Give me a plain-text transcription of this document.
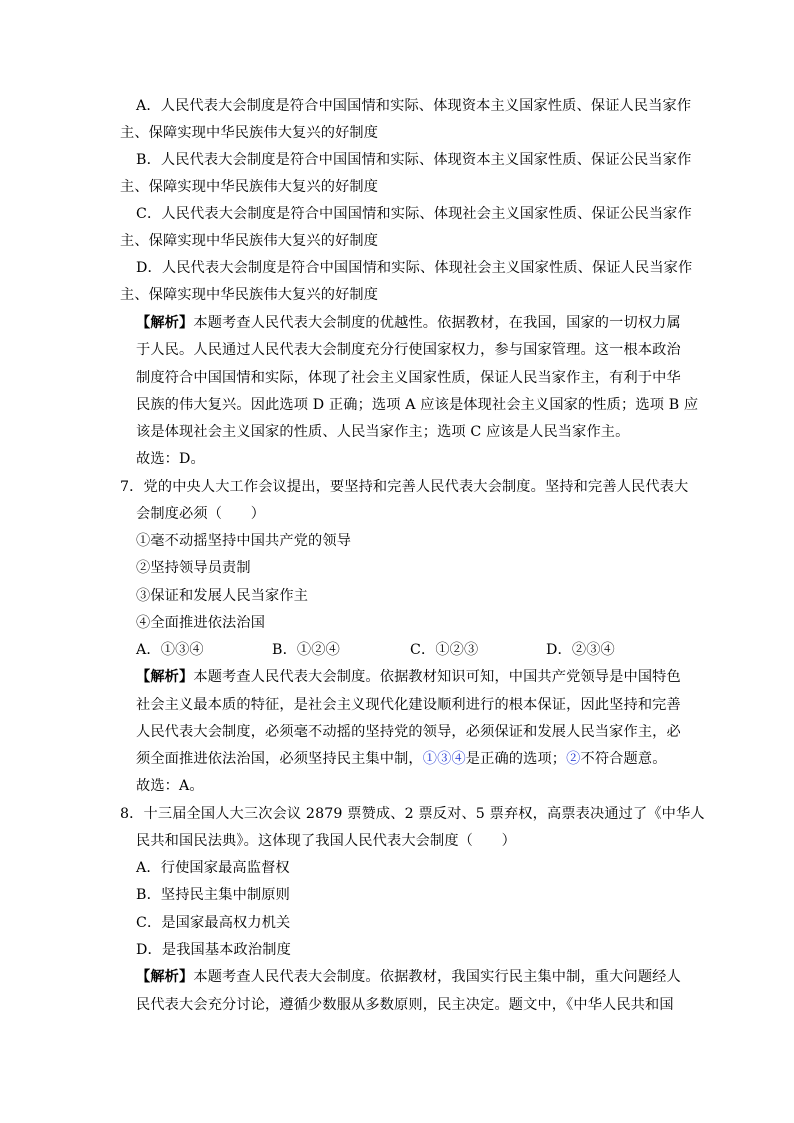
A．人民代表大会制度是符合中国国情和实际、体现资本主义国家性质、保证人民当家作
主、保障实现中华民族伟大复兴的好制度
B．人民代表大会制度是符合中国国情和实际、体现资本主义国家性质、保证公民当家作
主、保障实现中华民族伟大复兴的好制度
C．人民代表大会制度是符合中国国情和实际、体现社会主义国家性质、保证公民当家作
主、保障实现中华民族伟大复兴的好制度
D．人民代表大会制度是符合中国国情和实际、体现社会主义国家性质、保证人民当家作
主、保障实现中华民族伟大复兴的好制度
【解析】本题考查人民代表大会制度的优越性。依据教材，在我国，国家的一切权力属
于人民。人民通过人民代表大会制度充分行使国家权力，参与国家管理。这一根本政治
制度符合中国国情和实际，体现了社会主义国家性质，保证人民当家作主，有利于中华
民族的伟大复兴。因此选项 D 正确；选项 A 应该是体现社会主义国家的性质；选项 B 应
该是体现社会主义国家的性质、人民当家作主；选项 C 应该是人民当家作主。
故选：D。
7．党的中央人大工作会议提出，要坚持和完善人民代表大会制度。坚持和完善人民代表大
会制度必须（　　）
①毫不动摇坚持中国共产党的领导
②坚持领导员责制
③保证和发展人民当家作主
④全面推进依法治国
A．①③④	B．①②④	C．①②③	D．②③④
【解析】本题考查人民代表大会制度。依据教材知识可知，中国共产党领导是中国特色
社会主义最本质的特征，是社会主义现代化建设顺利进行的根本保证，因此坚持和完善
人民代表大会制度，必须毫不动摇的坚持党的领导，必须保证和发展人民当家作主，必
须全面推进依法治国，必须坚持民主集中制，①③④是正确的选项；②不符合题意。
故选：A。
8．十三届全国人大三次会议 2879 票赞成、2 票反对、5 票弃权，高票表决通过了《中华人
民共和国民法典》。这体现了我国人民代表大会制度（　　）
A．行使国家最高监督权
B．坚持民主集中制原则
C．是国家最高权力机关
D．是我国基本政治制度
【解析】本题考查人民代表大会制度。依据教材，我国实行民主集中制，重大问题经人
民代表大会充分讨论，遵循少数服从多数原则，民主决定。题文中，《中华人民共和国
